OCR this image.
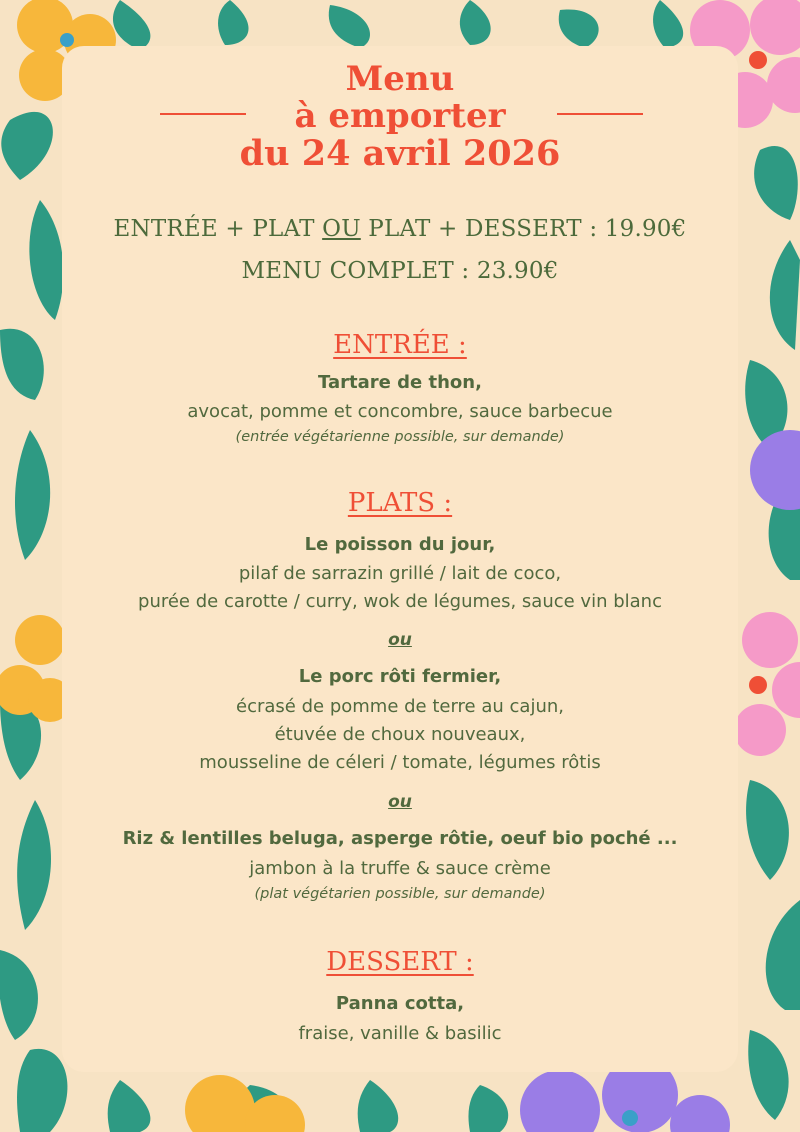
Menu
à emporter
du 24 avril 2026
ENTRÉE + PLAT OU PLAT + DESSERT : 19.90€
MENU COMPLET : 23.90€
ENTRÉE :
Tartare de thon,
avocat, pomme et concombre, sauce barbecue
(entrée végétarienne possible, sur demande)
PLATS :
Le poisson du jour,
pilaf de sarrazin grillé / lait de coco,
purée de carotte / curry, wok de légumes, sauce vin blanc
ou
Le porc rôti fermier,
écrasé de pomme de terre au cajun,
étuvée de choux nouveaux,
mousseline de céleri / tomate, légumes rôtis
ou
Riz & lentilles beluga, asperge rôtie, oeuf bio poché ...
jambon à la truffe & sauce crème
(plat végétarien possible, sur demande)
DESSERT :
Panna cotta,
fraise, vanille & basilic
